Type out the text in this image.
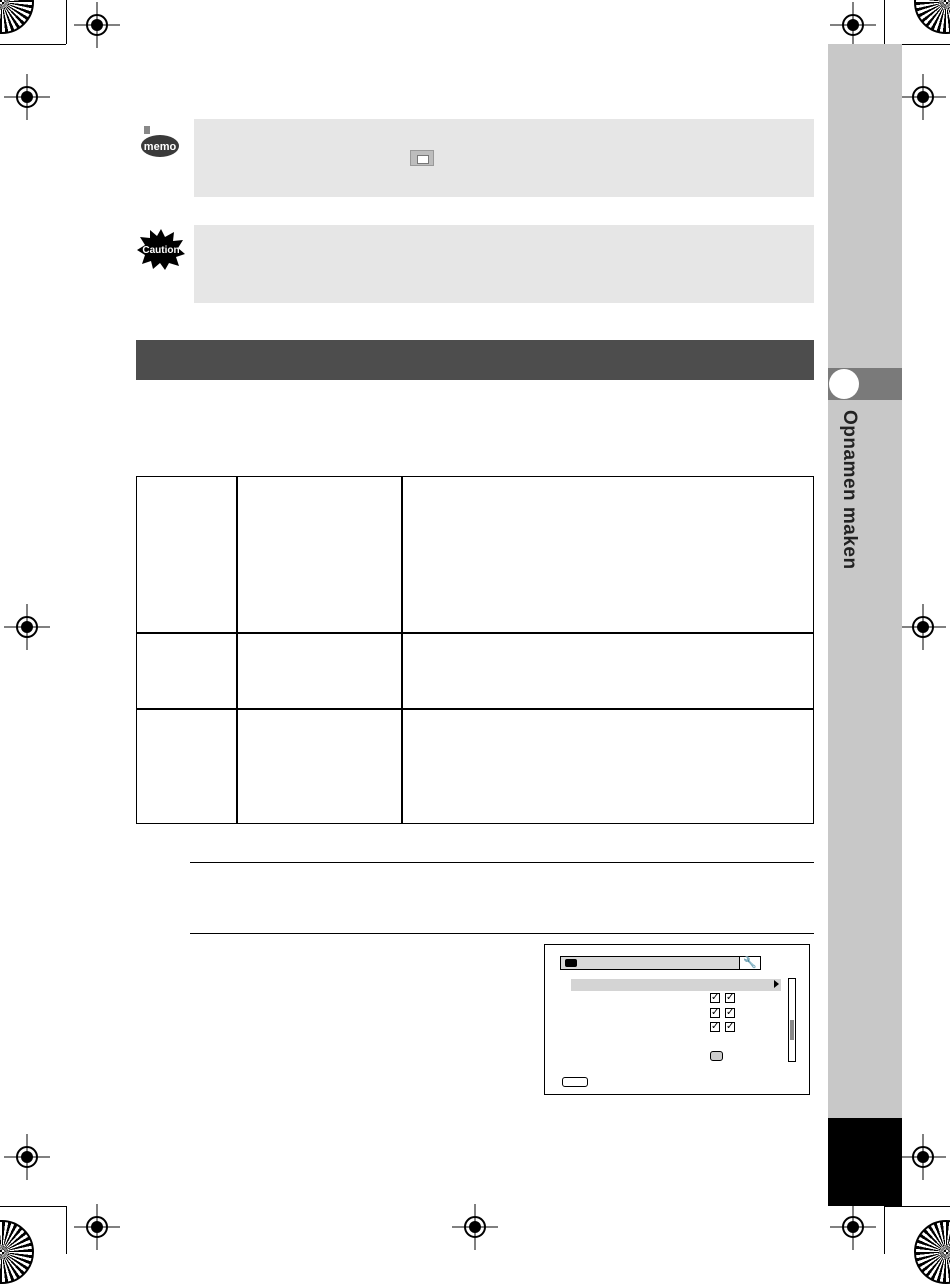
Opnamen maken
memo
Caution
🔧
✓
✓
✓
✓
✓
✓
